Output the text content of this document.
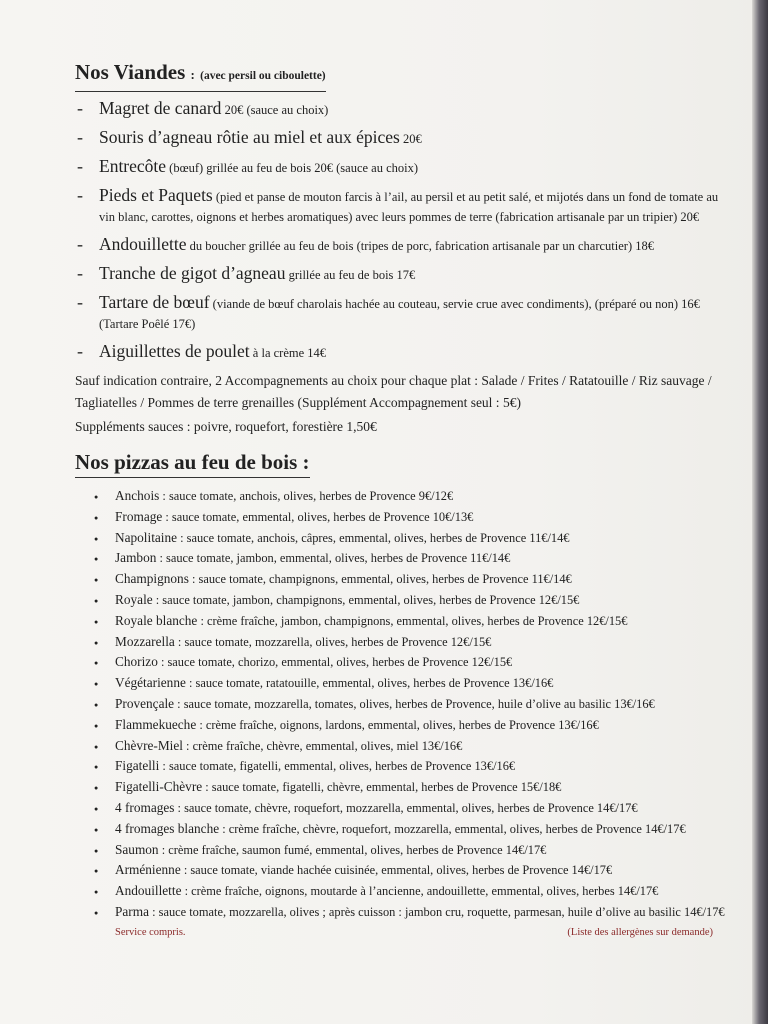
Nos Viandes : (avec persil ou ciboulette)
- Magret de canard 20€ (sauce au choix)
- Souris d’agneau rôtie au miel et aux épices 20€
- Entrecôte (bœuf) grillée au feu de bois 20€ (sauce au choix)
- Pieds et Paquets (pied et panse de mouton farcis à l’ail, au persil et au petit salé, et mijotés dans un fond de tomate au vin blanc, carottes, oignons et herbes aromatiques) avec leurs pommes de terre (fabrication artisanale par un tripier) 20€
- Andouillette du boucher grillée au feu de bois (tripes de porc, fabrication artisanale par un charcutier) 18€
- Tranche de gigot d’agneau grillée au feu de bois 17€
- Tartare de bœuf (viande de bœuf charolais hachée au couteau, servie crue avec condiments), (préparé ou non) 16€ (Tartare Poêlé 17€)
- Aiguillettes de poulet à la crème 14€

Sauf indication contraire, 2 Accompagnements au choix pour chaque plat : Salade / Frites / Ratatouille / Riz sauvage / Tagliatelles / Pommes de terre grenailles (Supplément Accompagnement seul : 5€)

Suppléments sauces : poivre, roquefort, forestière 1,50€

Nos pizzas au feu de bois :
● Anchois : sauce tomate, anchois, olives, herbes de Provence 9€/12€
● Fromage : sauce tomate, emmental, olives, herbes de Provence 10€/13€
● Napolitaine : sauce tomate, anchois, câpres, emmental, olives, herbes de Provence 11€/14€
● Jambon : sauce tomate, jambon, emmental, olives, herbes de Provence 11€/14€
● Champignons : sauce tomate, champignons, emmental, olives, herbes de Provence 11€/14€
● Royale : sauce tomate, jambon, champignons, emmental, olives, herbes de Provence 12€/15€
● Royale blanche : crème fraîche, jambon, champignons, emmental, olives, herbes de Provence 12€/15€
● Mozzarella : sauce tomate, mozzarella, olives, herbes de Provence 12€/15€
● Chorizo : sauce tomate, chorizo, emmental, olives, herbes de Provence 12€/15€
● Végétarienne : sauce tomate, ratatouille, emmental, olives, herbes de Provence 13€/16€
● Provençale : sauce tomate, mozzarella, tomates, olives, herbes de Provence, huile d’olive au basilic 13€/16€
● Flammekueche : crème fraîche, oignons, lardons, emmental, olives, herbes de Provence 13€/16€
● Chèvre-Miel : crème fraîche, chèvre, emmental, olives, miel 13€/16€
● Figatelli : sauce tomate, figatelli, emmental, olives, herbes de Provence 13€/16€
● Figatelli-Chèvre : sauce tomate, figatelli, chèvre, emmental, herbes de Provence 15€/18€
● 4 fromages : sauce tomate, chèvre, roquefort, mozzarella, emmental, olives, herbes de Provence 14€/17€
● 4 fromages blanche : crème fraîche, chèvre, roquefort, mozzarella, emmental, olives, herbes de Provence 14€/17€
● Saumon : crème fraîche, saumon fumé, emmental, olives, herbes de Provence 14€/17€
● Arménienne : sauce tomate, viande hachée cuisinée, emmental, olives, herbes de Provence 14€/17€
● Andouillette : crème fraîche, oignons, moutarde à l’ancienne, andouillette, emmental, olives, herbes 14€/17€
● Parma : sauce tomate, mozzarella, olives ; après cuisson : jambon cru, roquette, parmesan, huile d’olive au basilic 14€/17€
Service compris.	(Liste des allergènes sur demande)
